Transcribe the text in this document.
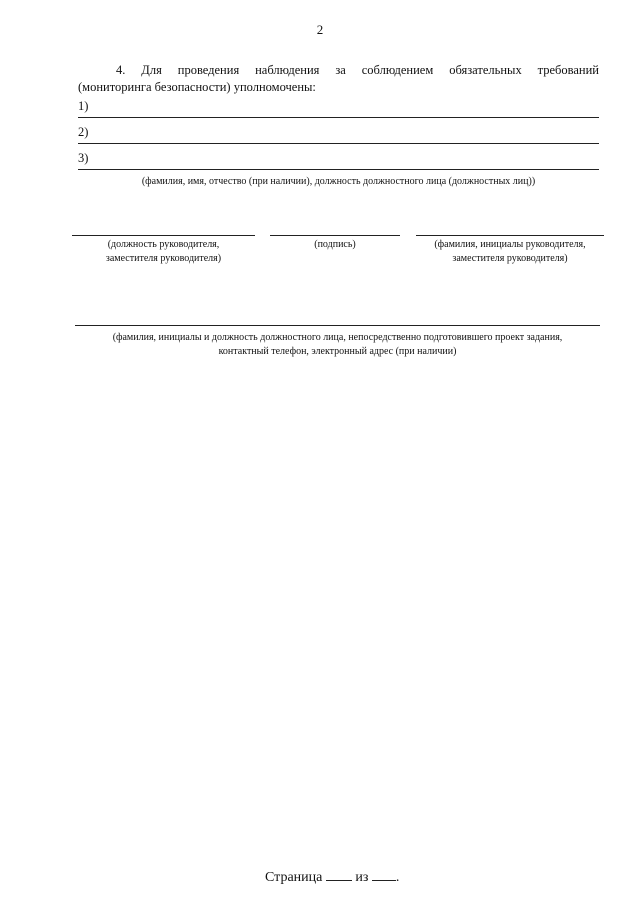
2
4. Для проведения наблюдения за соблюдением обязательных требований
(мониторинга безопасности) уполномочены:
1)
2)
3)
(фамилия, имя, отчество (при наличии), должность должностного лица (должностных лиц))
(должность руководителя,
заместителя руководителя)
(подпись)	(фамилия, инициалы руководителя,
заместителя руководителя)
(фамилия, инициалы и должность должностного лица, непосредственно подготовившего проект задания,
контактный телефон, электронный адрес (при наличии)
Страница из .
